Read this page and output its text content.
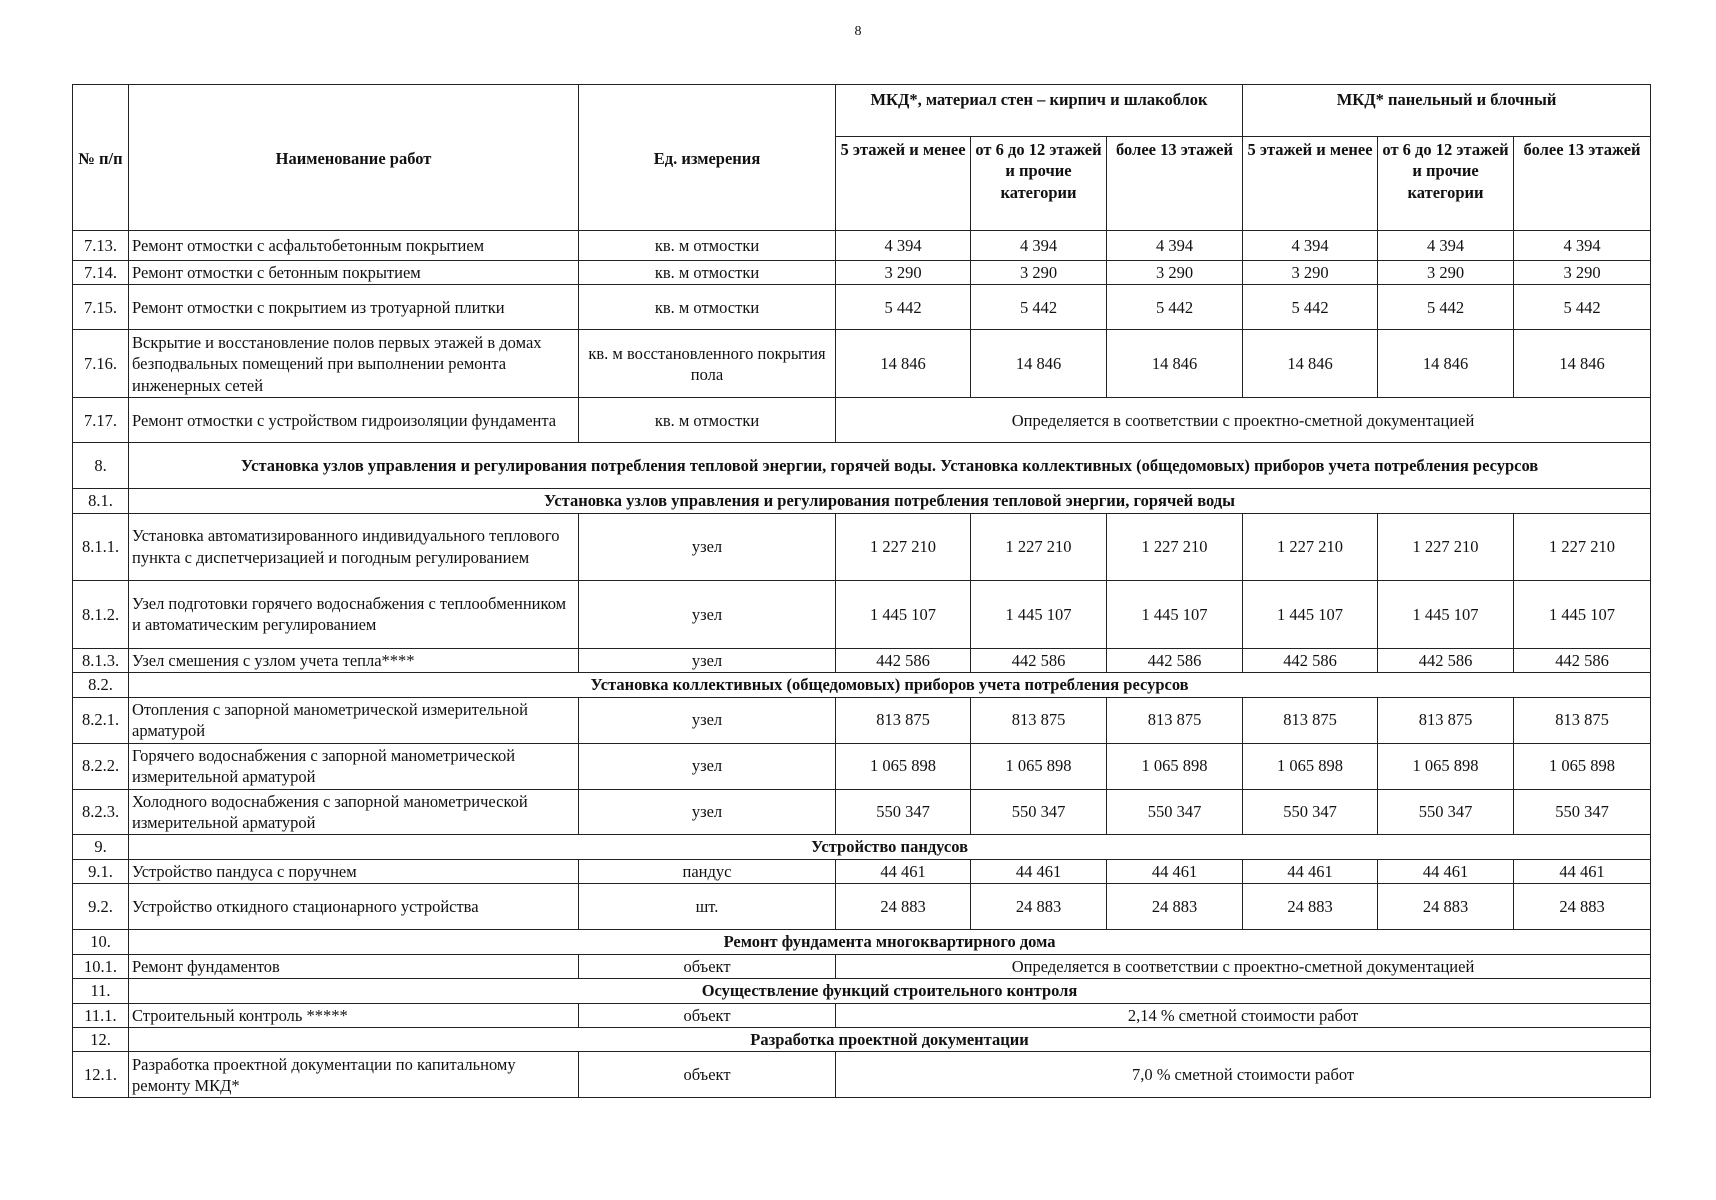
8
№ п/п	Наименование работ	Ед. измерения	МКД*, материал стен – кирпич и шлакоблок			МКД* панельный и блочный		
			5 этажей и менее	от 6 до 12 этажей и прочие категории	более 13 этажей	5 этажей и менее	от 6 до 12 этажей и прочие категории	более 13 этажей
7.13.	Ремонт отмостки с асфальтобетонным покрытием	кв. м отмостки	4 394	4 394	4 394	4 394	4 394	4 394
7.14.	Ремонт отмостки с бетонным покрытием	кв. м отмостки	3 290	3 290	3 290	3 290	3 290	3 290
7.15.	Ремонт отмостки с покрытием из тротуарной плитки	кв. м отмостки	5 442	5 442	5 442	5 442	5 442	5 442
7.16.	Вскрытие и восстановление полов первых этажей в домах безподвальных помещений при выполнении ремонта инженерных сетей	кв. м восстановленного покрытия пола	14 846	14 846	14 846	14 846	14 846	14 846
7.17.	Ремонт отмостки с устройством гидроизоляции фундамента	кв. м отмостки	Определяется в соответствии с проектно-сметной документацией					
8.	Установка узлов управления и регулирования потребления тепловой энергии, горячей воды. Установка коллективных (общедомовых) приборов учета потребления ресурсов							
8.1.	Установка узлов управления и регулирования потребления тепловой энергии, горячей воды							
8.1.1.	Установка автоматизированного индивидуального теплового пункта с диспетчеризацией и погодным регулированием	узел	1 227 210	1 227 210	1 227 210	1 227 210	1 227 210	1 227 210
8.1.2.	Узел подготовки горячего водоснабжения с теплообменником и автоматическим регулированием	узел	1 445 107	1 445 107	1 445 107	1 445 107	1 445 107	1 445 107
8.1.3.	Узел смешения с узлом учета тепла****	узел	442 586	442 586	442 586	442 586	442 586	442 586
8.2.	Установка коллективных (общедомовых) приборов учета потребления ресурсов							
8.2.1.	Отопления с запорной манометрической измерительной арматурой	узел	813 875	813 875	813 875	813 875	813 875	813 875
8.2.2.	Горячего водоснабжения с запорной манометрической измерительной арматурой	узел	1 065 898	1 065 898	1 065 898	1 065 898	1 065 898	1 065 898
8.2.3.	Холодного водоснабжения с запорной манометрической измерительной арматурой	узел	550 347	550 347	550 347	550 347	550 347	550 347
9.	Устройство пандусов							
9.1.	Устройство пандуса с поручнем	пандус	44 461	44 461	44 461	44 461	44 461	44 461
9.2.	Устройство откидного стационарного устройства	шт.	24 883	24 883	24 883	24 883	24 883	24 883
10.	Ремонт фундамента многоквартирного дома							
10.1.	Ремонт фундаментов	объект	Определяется в соответствии с проектно-сметной документацией					
11.	Осуществление функций строительного контроля							
11.1.	Строительный контроль *****	объект	2,14 % сметной стоимости работ					
12.	Разработка проектной документации							
12.1.	Разработка проектной документации по капитальному ремонту МКД*	объект	7,0 % сметной стоимости работ					
